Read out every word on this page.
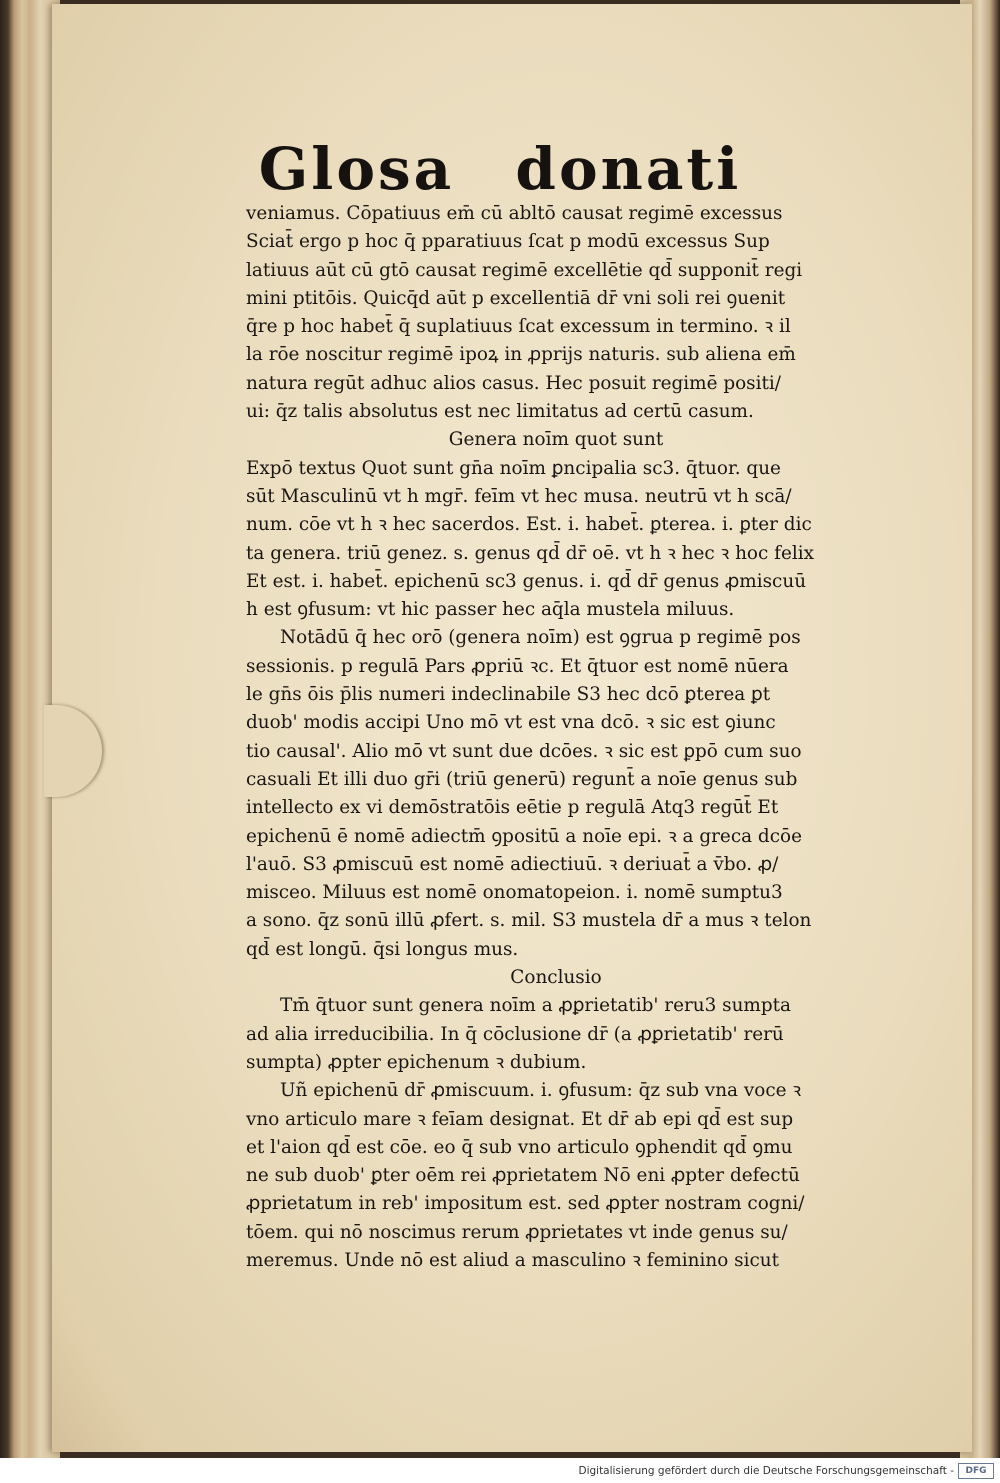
Glosa donati
veniamus. Cōpatiuus em̄ cū abltō causat regimē excessus
Sciat̄ ergo p hoc q̄ pparatiuus ſcat p modū excessus Sup
latiuus aūt cū gtō causat regimē excellētie qd̄ supponit̄ regi
mini ptitōis. Quicq̄d aūt p excellentiā dr̄ vni soli rei ꝯuenit
q̄re p hoc habet̄ q̄ suplatiuus ſcat excessum in termino. ꝛ il
la rōe noscitur regimē ipoꝝ in ꝓprijs naturis. sub aliena em̄
natura regūt adhuc alios casus. Hec posuit regimē positi/
ui: q̄z talis absolutus est nec limitatus ad certū casum.
Genera noīm quot sunt
Expō textus Quot sunt gn̄a noīm ꝑncipalia sc3. q̄tuor. que
sūt Masculinū vt h mgr̄. feīm vt hec musa. neutrū vt h scā/
num. cōe vt h ꝛ hec sacerdos. Est. i. habet̄. ꝑterea. i. ꝑter dic
ta genera. triū genez. s. genus qd̄ dr̄ oē. vt h ꝛ hec ꝛ hoc felix
Et est. i. habet̄. epichenū sc3 genus. i. qd̄ dr̄ genus ꝓmiscuū
h est ꝯfusum: vt hic passer hec aq̄la mustela miluus.
Notādū q̄ hec orō (genera noīm) est ꝯgrua p regimē pos
sessionis. p regulā Pars ꝓpriū ꝛc. Et q̄tuor est nomē nūera
le gn̄s ōis p̄lis numeri indeclinabile S3 hec dcō ꝑterea ꝑt
duob' modis accipi Uno mō vt est vna dcō. ꝛ sic est ꝯiunc
tio causal'. Alio mō vt sunt due dcōes. ꝛ sic est ꝑpō cum suo
casuali Et illi duo gr̄i (triū generū) regunt̄ a noīe genus sub
intellecto ex vi demōstratōis eētie p regulā Atq3 regūt̄ Et
epichenū ē nomē adiectm̄ ꝯpositū a noīe epi. ꝛ a greca dcōe
l'auō. S3 ꝓmiscuū est nomē adiectiuū. ꝛ deriuat̄ a v̄bo. ꝓ/
misceo. Miluus est nomē onomatopeion. i. nomē sumptu3
a sono. q̄z sonū illū ꝓfert. s. mil. S3 mustela dr̄ a mus ꝛ telon
qd̄ est longū. q̄si longus mus.
Conclusio
Tm̄ q̄tuor sunt genera noīm a ꝓꝑrietatib' reru3 sumpta
ad alia irreducibilia. In q̄ cōclusione dr̄ (a ꝓꝑrietatib' rerū
sumpta) ꝓpter epichenum ꝛ dubium.
Uñ epichenū dr̄ ꝓmiscuum. i. ꝯfusum: q̄z sub vna voce ꝛ
vno articulo mare ꝛ feīam designat. Et dr̄ ab epi qd̄ est sup
et l'aion qd̄ est cōe. eo q̄ sub vno articulo ꝯphendit qd̄ ꝯmu
ne sub duob' ꝑter oēm rei ꝓprietatem Nō eni ꝓpter defectū
ꝓprietatum in reb' impositum est. sed ꝓpter nostram cogni/
tōem. qui nō noscimus rerum ꝓprietates vt inde genus su/
meremus. Unde nō est aliud a masculino ꝛ feminino sicut
Digitalisierung gefördert durch die Deutsche Forschungsgemeinschaft -	DFG
